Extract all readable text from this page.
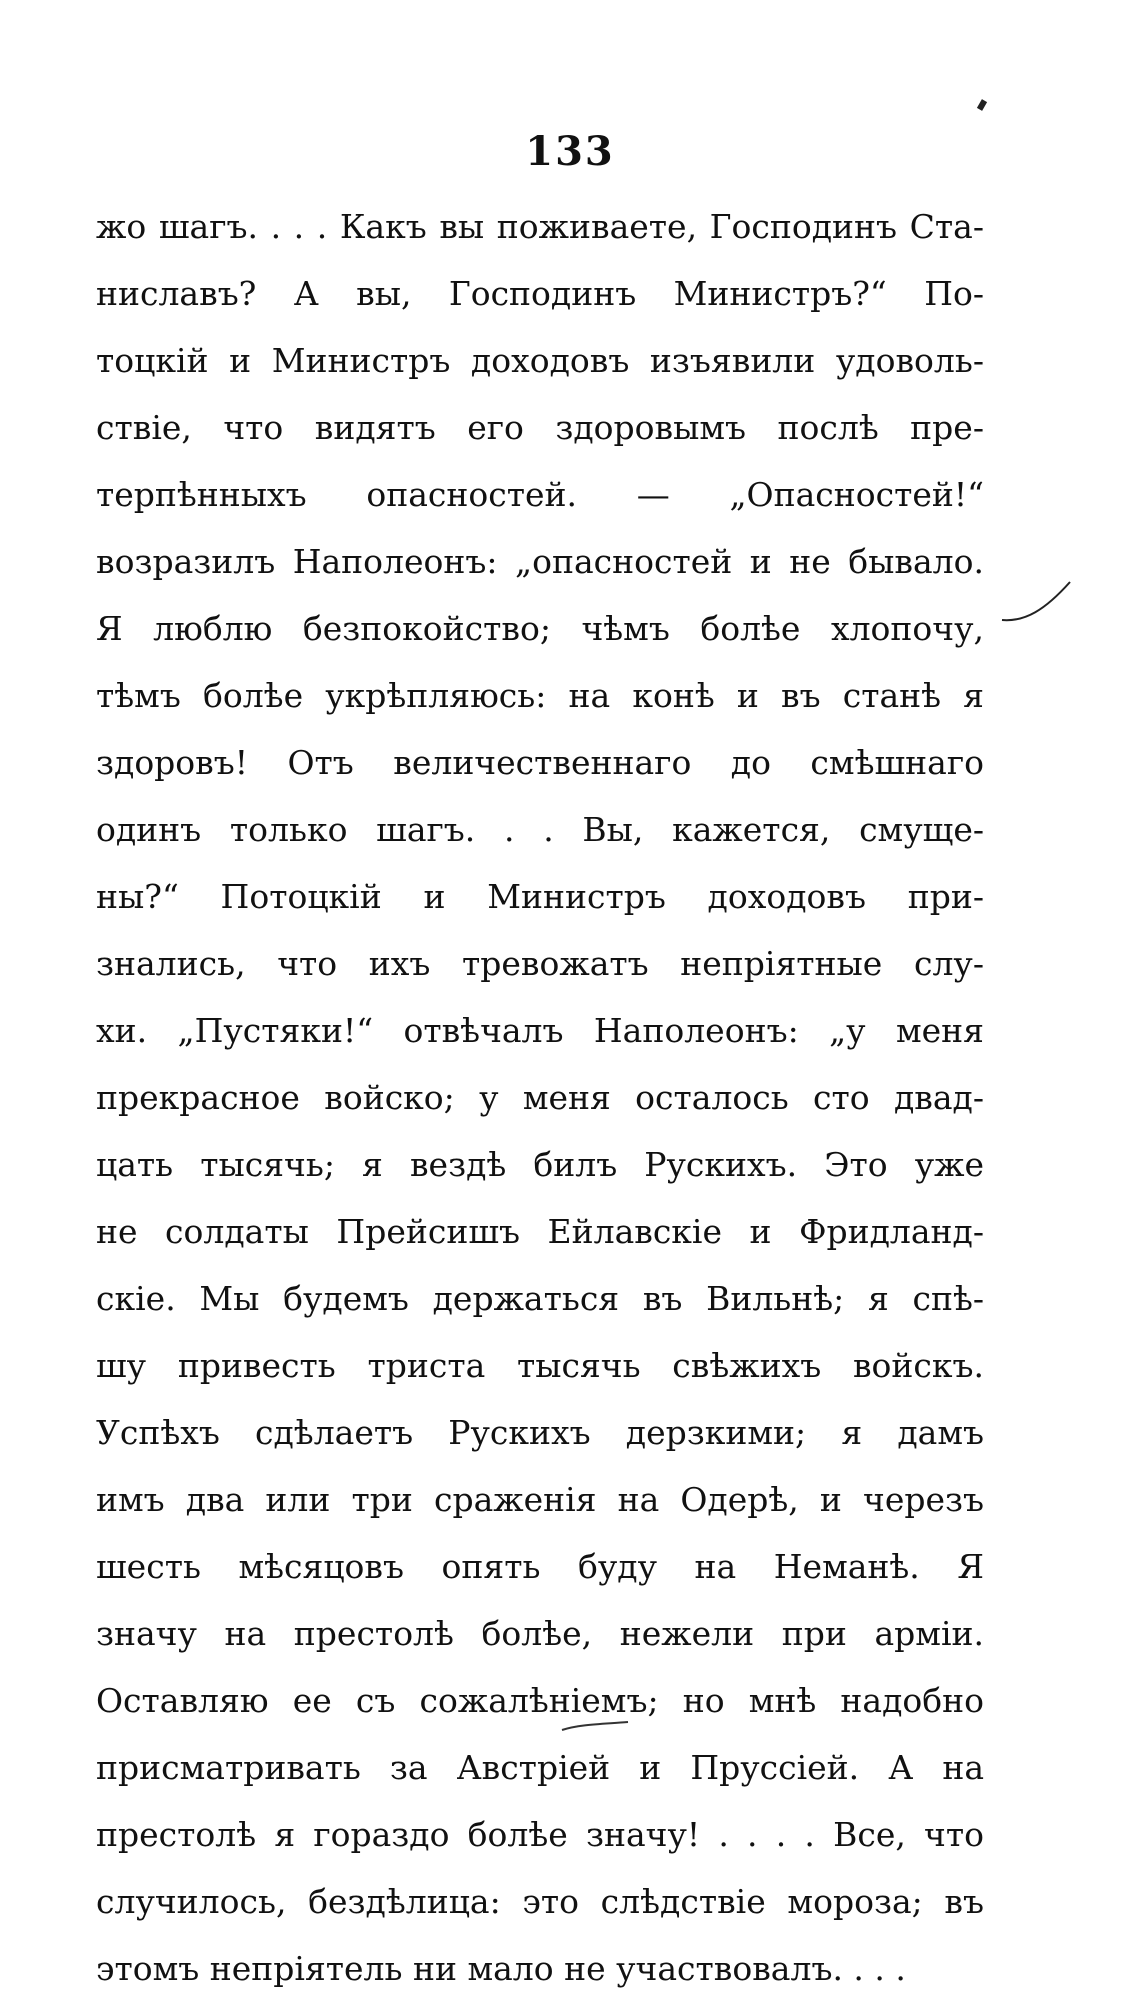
133
жо шагъ. . . . Какъ вы поживаете, Господинъ Ста-
ниславъ? А вы, Господинъ Министръ?“ По-
тоцкій и Министръ доходовъ изъявили удоволь-
ствіе, что видятъ его здоровымъ послѣ пре-
терпѣнныхъ опасностей. — „Опасностей!“
возразилъ Наполеонъ: „опасностей и не бывало.
Я люблю безпокойство; чѣмъ болѣе хлопочу,
тѣмъ болѣе укрѣпляюсь: на конѣ и въ станѣ я
здоровъ! Отъ величественнаго до смѣшнаго
одинъ только шагъ. . . Вы, кажется, смуще-
ны?“ Потоцкій и Министръ доходовъ при-
знались, что ихъ тревожатъ непріятные слу-
хи. „Пустяки!“ отвѣчалъ Наполеонъ: „у меня
прекрасное войско; у меня осталось сто двад-
цать тысячь; я вездѣ билъ Рускихъ. Это уже
не солдаты Прейсишъ Ейлавскіе и Фридланд-
скіе. Мы будемъ держаться въ Вильнѣ; я спѣ-
шу привесть триста тысячь свѣжихъ войскъ.
Успѣхъ сдѣлаетъ Рускихъ дерзкими; я дамъ
имъ два или три сраженія на Одерѣ, и черезъ
шесть мѣсяцовъ опять буду на Неманѣ. Я
значу на престолѣ болѣе, нежели при арміи.
Оставляю ее съ сожалѣніемъ; но мнѣ надобно
присматривать за Австріей и Пруссіей. А на
престолѣ я гораздо болѣе значу! . . . . Все, что
случилось, бездѣлица: это слѣдствіе мороза; въ
этомъ непріятель ни мало не участвовалъ. . . .
